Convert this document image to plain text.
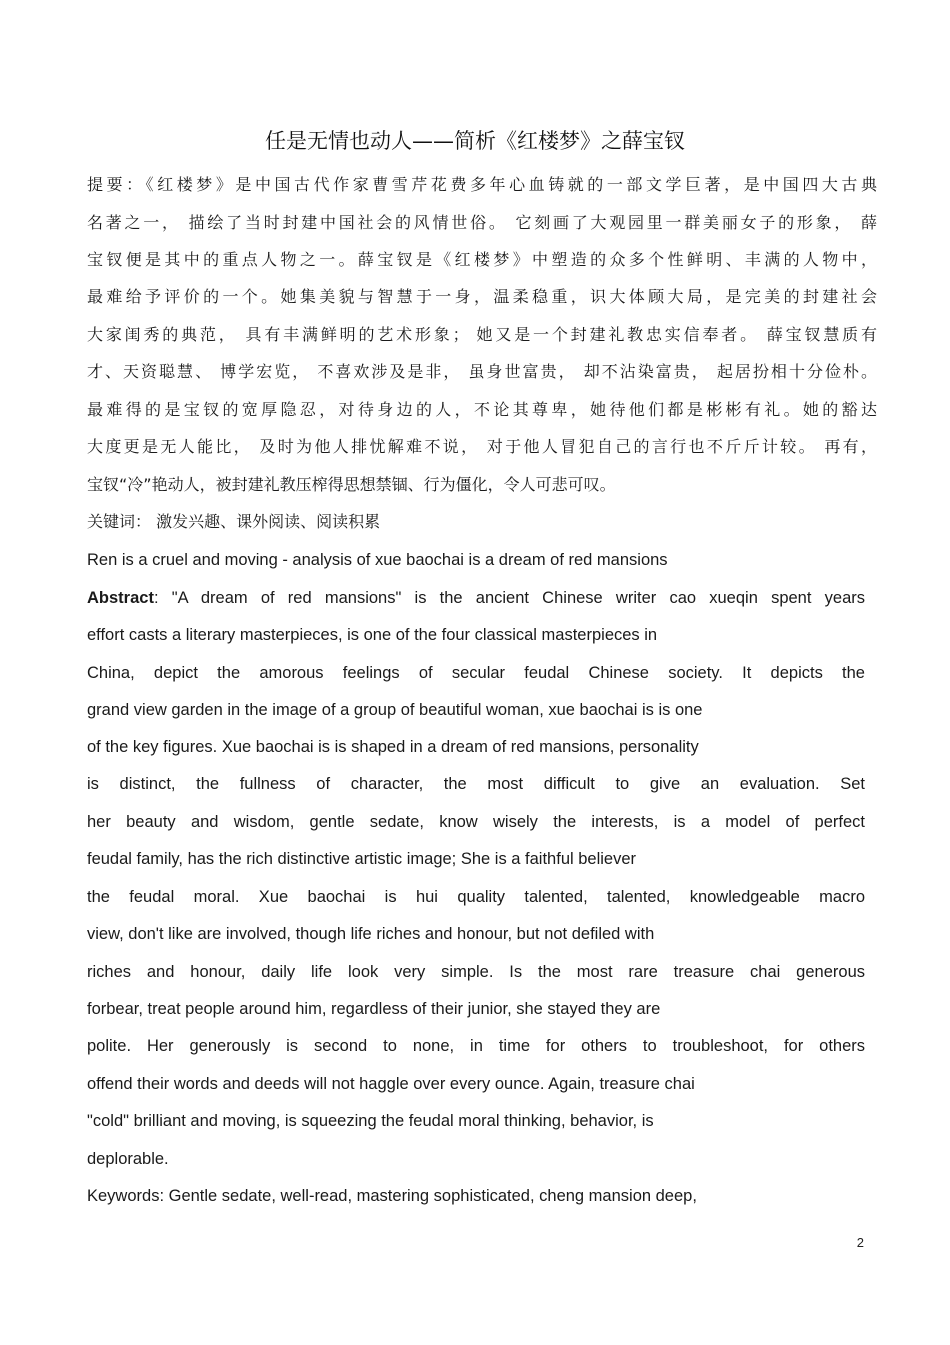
任是无情也动人——简析《红楼梦》之薛宝钗
提要：《红楼梦》是中国古代作家曹雪芹花费多年心血铸就的一部文学巨著，是中国四大古典
名著之一， 描绘了当时封建中国社会的风情世俗。 它刻画了大观园里一群美丽女子的形象， 薛
宝钗便是其中的重点人物之一。薛宝钗是《红楼梦》中塑造的众多个性鲜明、丰满的人物中，
最难给予评价的一个。她集美貌与智慧于一身，温柔稳重，识大体顾大局，是完美的封建社会
大家闺秀的典范， 具有丰满鲜明的艺术形象； 她又是一个封建礼教忠实信奉者。 薛宝钗慧质有
才、天资聪慧、 博学宏览， 不喜欢涉及是非， 虽身世富贵， 却不沾染富贵， 起居扮相十分俭朴。
最难得的是宝钗的宽厚隐忍，对待身边的人，不论其尊卑，她待他们都是彬彬有礼。她的豁达
大度更是无人能比， 及时为他人排忧解难不说， 对于他人冒犯自己的言行也不斤斤计较。 再有，
宝钗“冷”艳动人，被封建礼教压榨得思想禁锢、行为僵化，令人可悲可叹。
关键词： 激发兴趣、课外阅读、阅读积累
Ren is a cruel and moving - analysis of xue baochai is a dream of red mansions
Abstract: "A dream of red mansions" is the ancient Chinese writer cao xueqin spent years
effort casts a literary masterpieces, is one of the four classical masterpieces in
China, depict the amorous feelings of secular feudal Chinese society. It depicts the
grand view garden in the image of a group of beautiful woman, xue baochai is is one
of the key figures. Xue baochai is is shaped in a dream of red mansions, personality
is distinct, the fullness of character, the most difficult to give an evaluation. Set
her beauty and wisdom, gentle sedate, know wisely the interests, is a model of perfect
feudal family, has the rich distinctive artistic image; She is a faithful believer
the feudal moral. Xue baochai is hui quality talented, talented, knowledgeable macro
view, don't like are involved, though life riches and honour, but not defiled with
riches and honour, daily life look very simple. Is the most rare treasure chai generous
forbear, treat people around him, regardless of their junior, she stayed they are
polite. Her generously is second to none, in time for others to troubleshoot, for others
offend their words and deeds will not haggle over every ounce. Again, treasure chai
"cold" brilliant and moving, is squeezing the feudal moral thinking, behavior, is
deplorable.
Keywords: Gentle sedate, well-read, mastering sophisticated, cheng mansion deep,
2
